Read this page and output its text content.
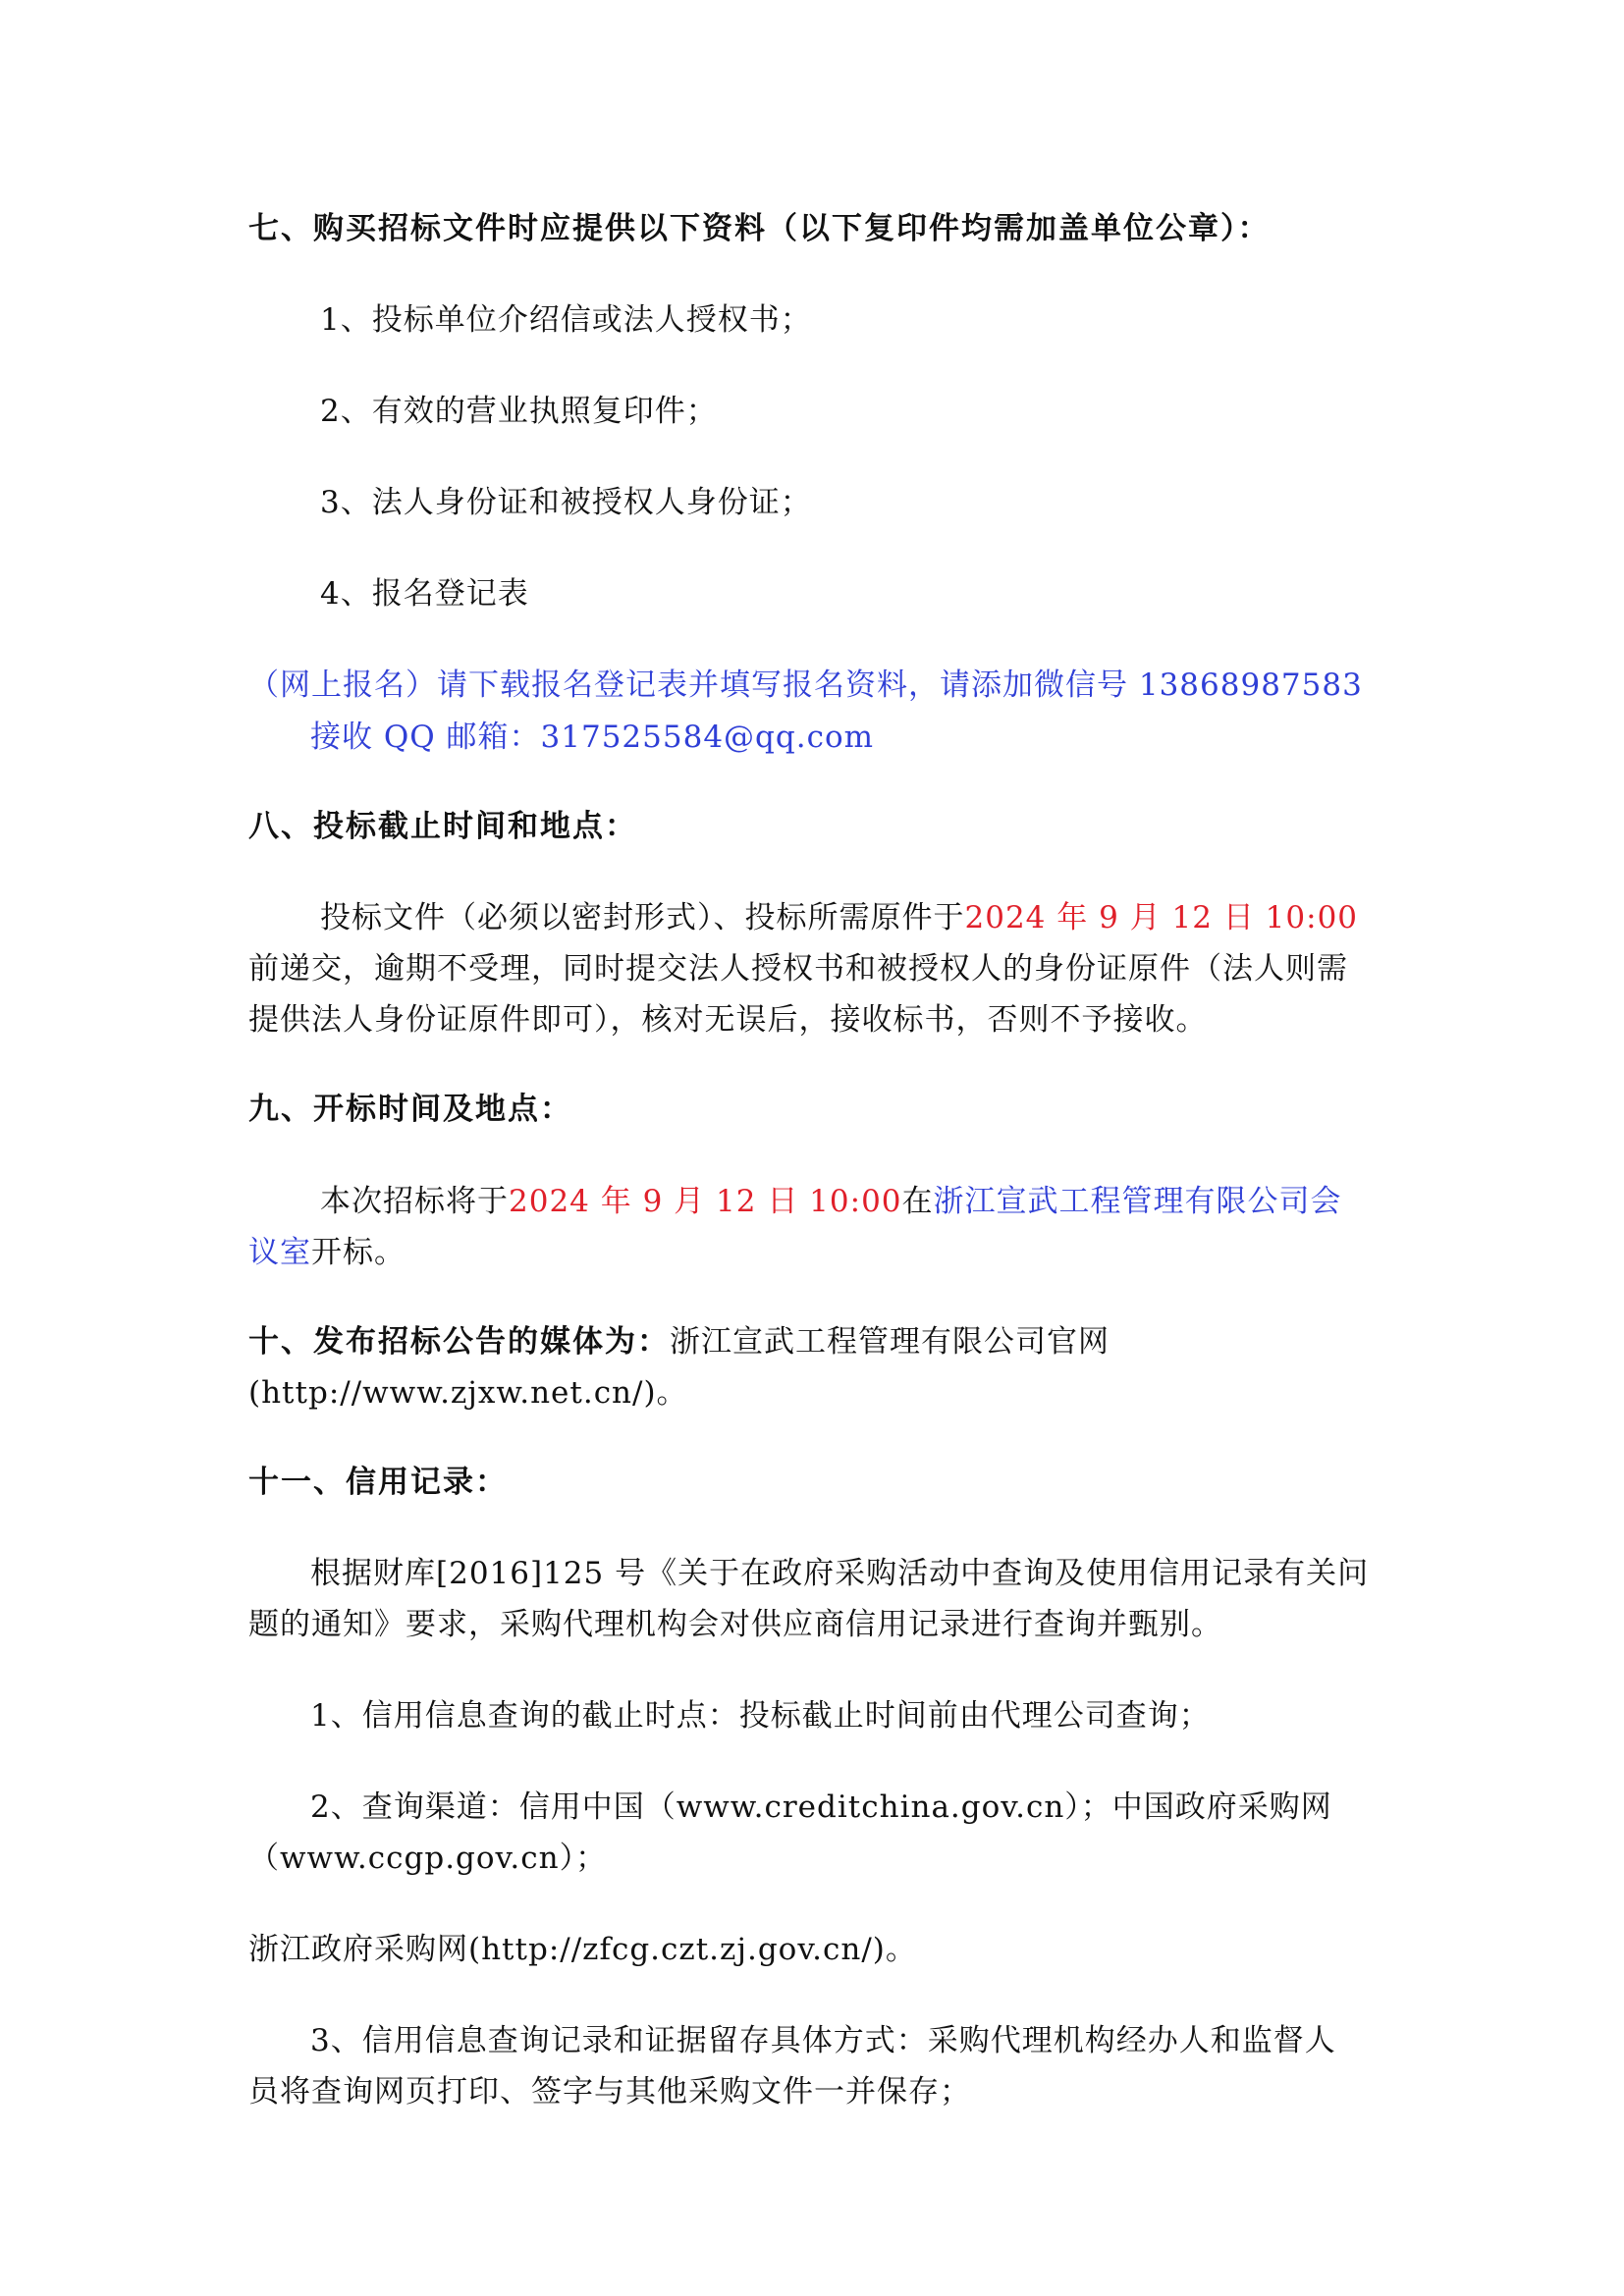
七、购买招标文件时应提供以下资料（以下复印件均需加盖单位公章）：
1、投标单位介绍信或法人授权书；
2、有效的营业执照复印件；
3、法人身份证和被授权人身份证；
4、报名登记表
（网上报名）请下载报名登记表并填写报名资料，请添加微信号 13868987583
接收 QQ 邮箱：317525584@qq.com
八、投标截止时间和地点：
投标文件（必须以密封形式）、投标所需原件于2024 年 9 月 12 日 10:00
前递交，逾期不受理，同时提交法人授权书和被授权人的身份证原件（法人则需
提供法人身份证原件即可），核对无误后，接收标书，否则不予接收。
九、开标时间及地点：
本次招标将于2024 年 9 月 12 日 10:00在浙江宣武工程管理有限公司会
议室开标。
十、发布招标公告的媒体为：浙江宣武工程管理有限公司官网
(http://www.zjxw.net.cn/)。
十一、信用记录：
根据财库[2016]125 号《关于在政府采购活动中查询及使用信用记录有关问
题的通知》要求，采购代理机构会对供应商信用记录进行查询并甄别。
1、信用信息查询的截止时点：投标截止时间前由代理公司查询；
2、查询渠道：信用中国（www.creditchina.gov.cn）；中国政府采购网
（www.ccgp.gov.cn）；
浙江政府采购网(http://zfcg.czt.zj.gov.cn/)。
3、信用信息查询记录和证据留存具体方式：采购代理机构经办人和监督人
员将查询网页打印、签字与其他采购文件一并保存；
